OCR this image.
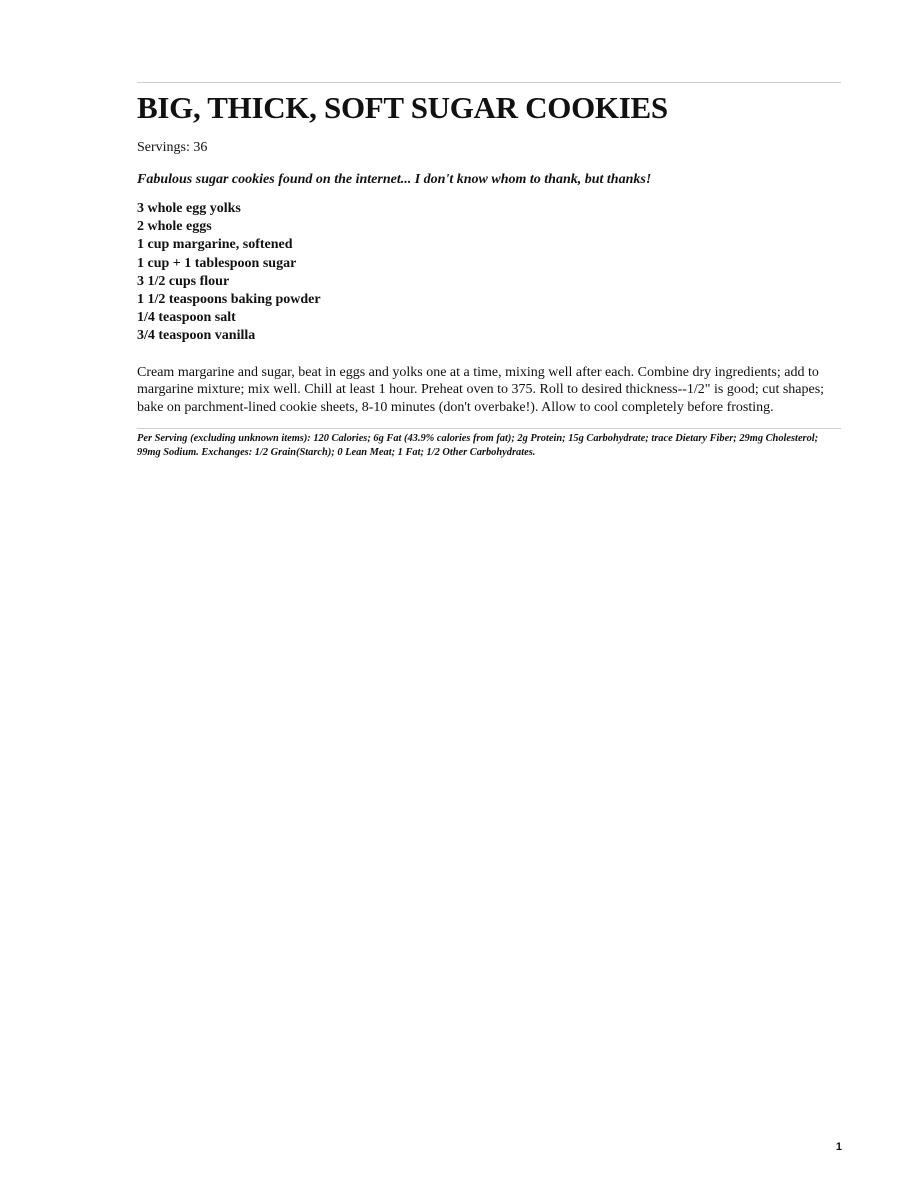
BIG, THICK, SOFT SUGAR COOKIES
Servings: 36
Fabulous sugar cookies found on the internet... I don't know whom to thank, but thanks!
3 whole egg yolks
2 whole eggs
1 cup margarine, softened
1 cup + 1 tablespoon sugar
3 1/2 cups flour
1 1/2 teaspoons baking powder
1/4 teaspoon salt
3/4 teaspoon vanilla
Cream margarine and sugar, beat in eggs and yolks one at a time, mixing well after each. Combine dry ingredients; add to margarine mixture; mix well. Chill at least 1 hour. Preheat oven to 375. Roll to desired thickness--1/2" is good; cut shapes; bake on parchment-lined cookie sheets, 8-10 minutes (don't overbake!). Allow to cool completely before frosting.
Per Serving (excluding unknown items): 120 Calories; 6g Fat (43.9% calories from fat); 2g Protein; 15g Carbohydrate; trace Dietary Fiber; 29mg Cholesterol; 99mg Sodium. Exchanges: 1/2 Grain(Starch); 0 Lean Meat; 1 Fat; 1/2 Other Carbohydrates.
1
